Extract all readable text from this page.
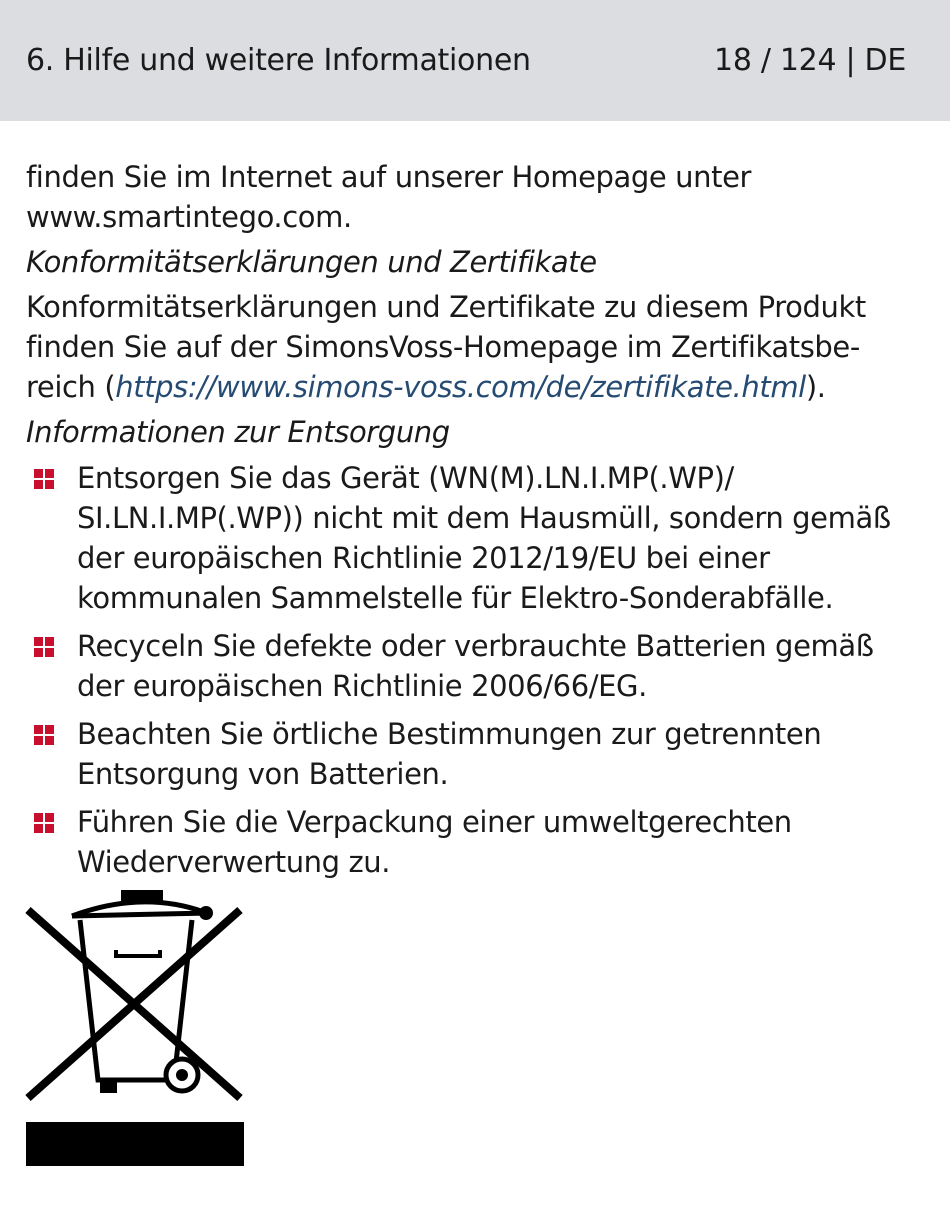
6. Hilfe und weitere Informationen	18 / 124 | DE

finden Sie im Internet auf unserer Homepage unter
www.smartintego.com.

Konformitätserklärungen und Zertifikate

Konformitätserklärungen und Zertifikate zu diesem Produkt finden Sie auf der SimonsVoss-Homepage im Zertifikatsbe-reich (https://www.simons-voss.com/de/zertifikate.html).

Informationen zur Entsorgung

Entsorgen Sie das Gerät (WN(M).LN.I.MP(.WP)/ SI.LN.I.MP(.WP)) nicht mit dem Hausmüll, sondern gemäß der europäischen Richtlinie 2012/19/EU bei einer kommunalen Sammelstelle für Elektro-Sonderabfälle.
Recyceln Sie defekte oder verbrauchte Batterien gemäß der europäischen Richtlinie 2006/66/EG.
Beachten Sie örtliche Bestimmungen zur getrennten Entsorgung von Batterien.
Führen Sie die Verpackung einer umweltgerechten Wiederverwertung zu.
